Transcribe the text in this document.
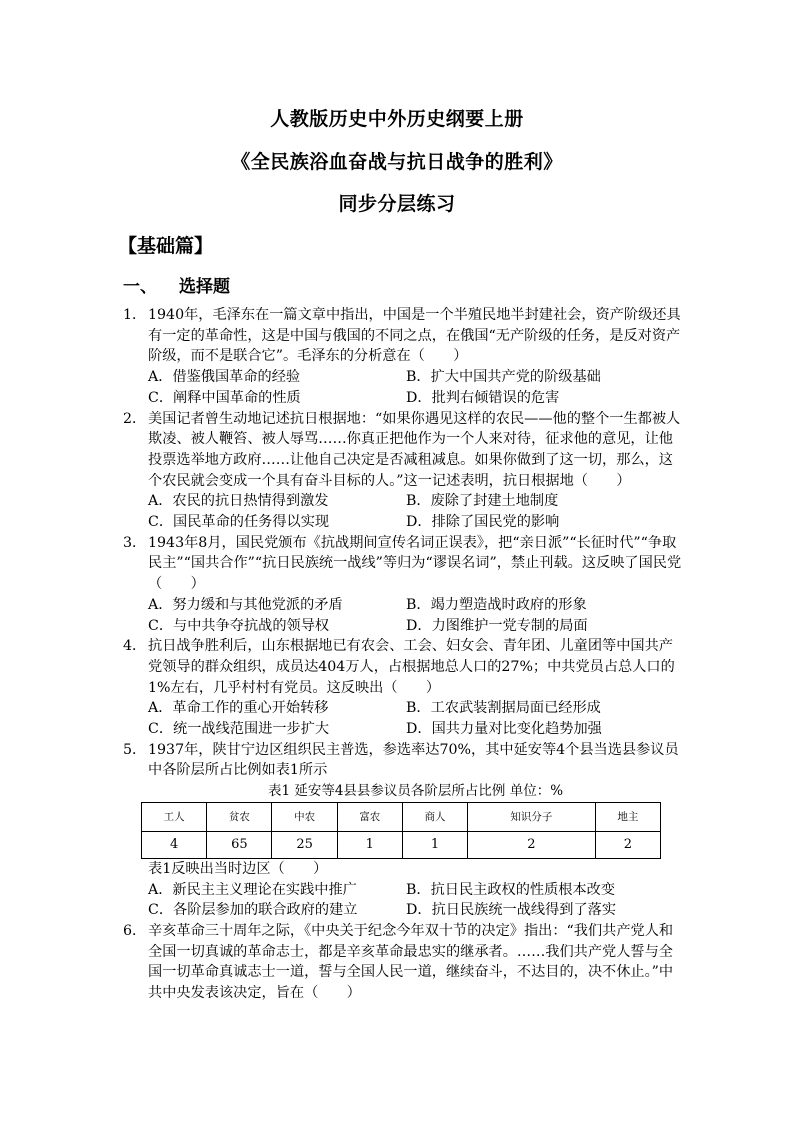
人教版历史中外历史纲要上册
《全民族浴血奋战与抗日战争的胜利》
同步分层练习
【基础篇】
一、 选择题
1． 1940年，毛泽东在一篇文章中指出，中国是一个半殖民地半封建社会，资产阶级还具有一定的革命性，这是中国与俄国的不同之点，在俄国“无产阶级的任务，是反对资产阶级，而不是联合它”。毛泽东的分析意在（　　）
A．借鉴俄国革命的经验	B．扩大中国共产党的阶级基础
C．阐释中国革命的性质	D．批判右倾错误的危害
2． 美国记者曾生动地记述抗日根据地：“如果你遇见这样的农民——他的整个一生都被人欺凌、被人鞭笞、被人辱骂……你真正把他作为一个人来对待，征求他的意见，让他投票选举地方政府……让他自己决定是否减租减息。如果你做到了这一切，那么，这个农民就会变成一个具有奋斗目标的人。”这一记述表明，抗日根据地（　　）
A．农民的抗日热情得到激发	B．废除了封建土地制度
C．国民革命的任务得以实现	D．排除了国民党的影响
3． 1943年8月，国民党颁布《抗战期间宣传名词正误表》，把“亲日派”“长征时代”“争取民主”“国共合作”“抗日民族统一战线”等归为“谬误名词”，禁止刊载。这反映了国民党（　　）
A．努力缓和与其他党派的矛盾	B．竭力塑造战时政府的形象
C．与中共争夺抗战的领导权	D．力图维护一党专制的局面
4． 抗日战争胜利后，山东根据地已有农会、工会、妇女会、青年团、儿童团等中国共产党领导的群众组织，成员达404万人，占根据地总人口的27%；中共党员占总人口的1%左右，几乎村村有党员。这反映出（　　）
A．革命工作的重心开始转移	B．工农武装割据局面已经形成
C．统一战线范围进一步扩大	D．国共力量对比变化趋势加强
5． 1937年，陕甘宁边区组织民主普选，参选率达70%，其中延安等4个县当选县参议员中各阶层所占比例如表1所示
表1 延安等4县县参议员各阶层所占比例 单位：%
工人	贫农	中农	富农	商人	知识分子	地主
4	65	25	1	1	2	2
表1反映出当时边区（　　）
A．新民主主义理论在实践中推广	B．抗日民主政权的性质根本改变
C．各阶层参加的联合政府的建立	D．抗日民族统一战线得到了落实
6． 辛亥革命三十周年之际，《中央关于纪念今年双十节的决定》指出：“我们共产党人和全国一切真诚的革命志士，都是辛亥革命最忠实的继承者。……我们共产党人誓与全国一切革命真诚志士一道，誓与全国人民一道，继续奋斗，不达目的，决不休止。”中共中央发表该决定，旨在（　　）
